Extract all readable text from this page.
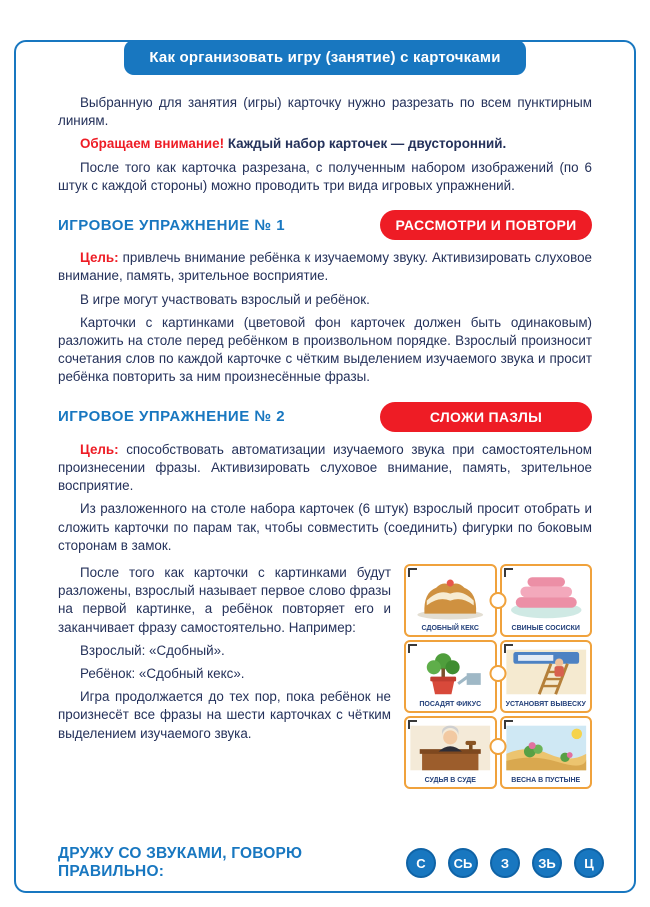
Как организовать игру (занятие) с карточками

Выбранную для занятия (игры) карточку нужно разрезать по всем пунктирным линиям.

Обращаем внимание! Каждый набор карточек — двусторонний.

После того как карточка разрезана, с полученным набором изображений (по 6 штук с каждой стороны) можно проводить три вида игровых упражнений.

ИГРОВОЕ УПРАЖНЕНИЕ № 1	РАССМОТРИ И ПОВТОРИ

Цель: привлечь внимание ребёнка к изучаемому звуку. Активизировать слуховое внимание, память, зрительное восприятие.

В игре могут участвовать взрослый и ребёнок.

Карточки с картинками (цветовой фон карточек должен быть одинаковым) разложить на столе перед ребёнком в произвольном порядке. Взрослый произносит сочетания слов по каждой карточке с чётким выделением изучаемого звука и просит ребёнка повторить за ним произнесённые фразы.

ИГРОВОЕ УПРАЖНЕНИЕ № 2	СЛОЖИ ПАЗЛЫ

Цель: способствовать автоматизации изучаемого звука при самостоятельном произнесении фразы. Активизировать слуховое внимание, память, зрительное восприятие.

Из разложенного на столе набора карточек (6 штук) взрослый просит отобрать и сложить карточки по парам так, чтобы совместить (соединить) фигурки по боковым сторонам в замок.

После того как карточки с картинками будут разложены, взрослый называет первое слово фразы на первой картинке, а ребёнок повторяет его и заканчивает фразу самостоятельно. Например:

Взрослый: «Сдобный».

Ребёнок: «Сдобный кекс».

Игра продолжается до тех пор, пока ребёнок не произнесёт все фразы на шести карточках с чётким выделением изучаемого звука.

СДОБНЫЙ КЕКС	СВИНЫЕ СОСИСКИ
ПОСАДЯТ ФИКУС	УСТАНОВЯТ ВЫВЕСКУ
СУДЬЯ В СУДЕ	ВЕСНА В ПУСТЫНЕ
ДРУЖУ СО ЗВУКАМИ, ГОВОРЮ ПРАВИЛЬНО:	С	СЬ	З	ЗЬ	Ц
